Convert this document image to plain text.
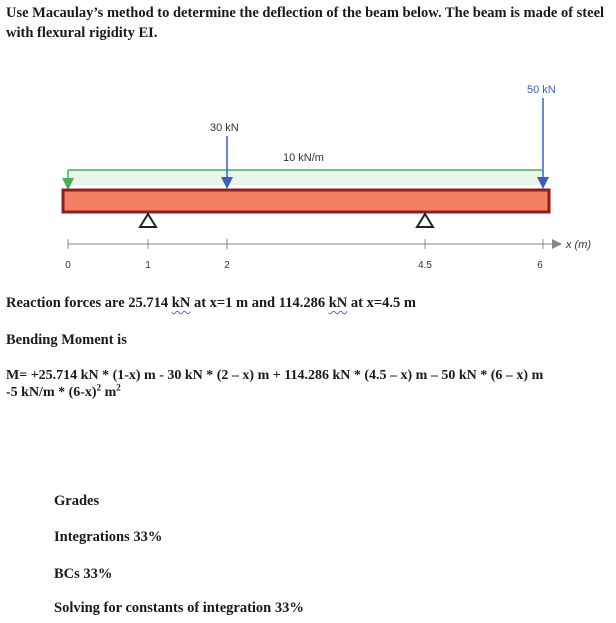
Use Macaulay’s method to determine the deflection of the beam below. The beam is made of steel with flexural rigidity EI.
10 kN/m
30 kN
50 kN
0	1	2	4.5	6
x (m)
Reaction forces are 25.714 kN at x=1 m and 114.286 kN at x=4.5 m
Bending Moment is
M= +25.714 kN * (1-x) m - 30 kN * (2 – x) m + 114.286 kN * (4.5 – x) m – 50 kN * (6 – x) m
-5 $kN/m * (6-x)^2$ $m^2$
Grades
Integrations 33%
BCs 33%
Solving for constants of integration 33%
